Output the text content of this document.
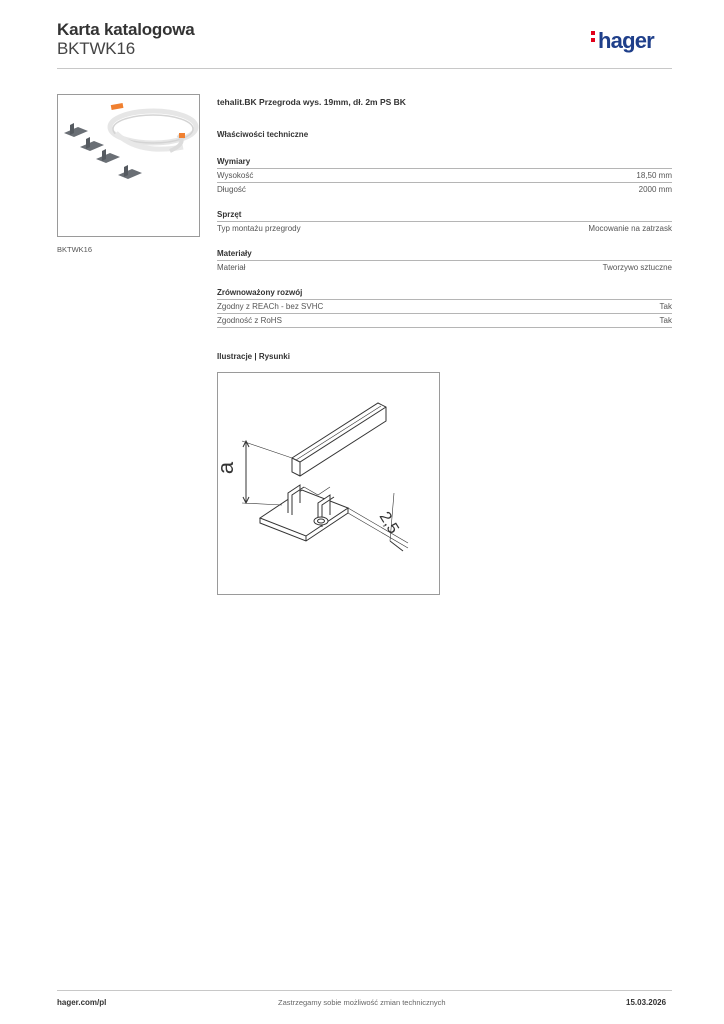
Karta katalogowa
BKTWK16	hager
BKTWK16
tehalit.BK Przegroda wys. 19mm, dł. 2m PS BK
Właściwości techniczne
Wymiary
Wysokość	18,50 mm
Długość	2000 mm
Sprzęt
Typ montażu przegrody	Mocowanie na zatrzask
Materiały
Materiał	Tworzywo sztuczne
Zrównoważony rozwój
Zgodny z REACh - bez SVHC	Tak
Zgodność z RoHS	Tak
Ilustracje | Rysunki
a
2,5
hager.com/pl	Zastrzegamy sobie możliwość zmian technicznych	15.03.2026
